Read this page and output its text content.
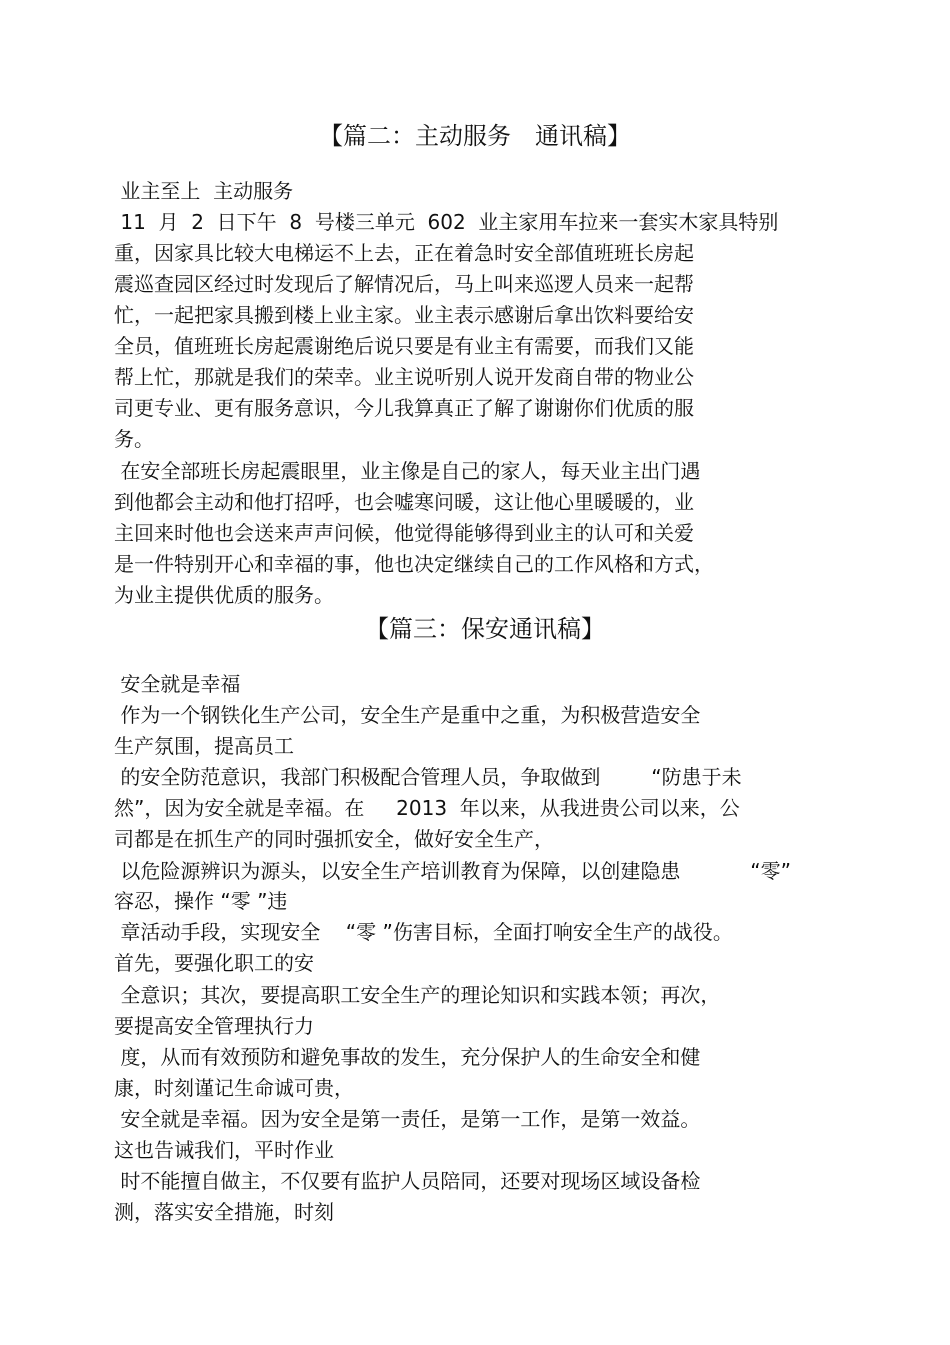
【篇二：主动服务　通讯稿】
业主至上  主动服务
11  月  2  日下午  8  号楼三单元  602  业主家用车拉来一套实木家具特别
重，因家具比较大电梯运不上去，正在着急时安全部值班班长房起
震巡查园区经过时发现后了解情况后，马上叫来巡逻人员来一起帮
忙，一起把家具搬到楼上业主家。业主表示感谢后拿出饮料要给安
全员，值班班长房起震谢绝后说只要是有业主有需要，而我们又能
帮上忙，那就是我们的荣幸。业主说听别人说开发商自带的物业公
司更专业、更有服务意识，今儿我算真正了解了谢谢你们优质的服
务。
在安全部班长房起震眼里，业主像是自己的家人，每天业主出门遇
到他都会主动和他打招呼，也会嘘寒问暖，这让他心里暖暖的，业
主回来时他也会送来声声问候，他觉得能够得到业主的认可和关爱
是一件特别开心和幸福的事，他也决定继续自己的工作风格和方式，
为业主提供优质的服务。
【篇三：保安通讯稿】
安全就是幸福
作为一个钢铁化生产公司，安全生产是重中之重，为积极营造安全
生产氛围，提高员工
的安全防范意识，我部门积极配合管理人员，争取做到        “防患于未
然”，因为安全就是幸福。在     2013  年以来，从我进贵公司以来，公
司都是在抓生产的同时强抓安全，做好安全生产，
以危险源辨识为源头，以安全生产培训教育为保障，以创建隐患           “零”
容忍，操作 “零 ”违
章活动手段，实现安全    “零 ”伤害目标，全面打响安全生产的战役。
首先，要强化职工的安
全意识；其次，要提高职工安全生产的理论知识和实践本领；再次，
要提高安全管理执行力
度，从而有效预防和避免事故的发生，充分保护人的生命安全和健
康，时刻谨记生命诚可贵，
安全就是幸福。因为安全是第一责任，是第一工作，是第一效益。
这也告诫我们，平时作业
时不能擅自做主，不仅要有监护人员陪同，还要对现场区域设备检
测，落实安全措施，时刻
